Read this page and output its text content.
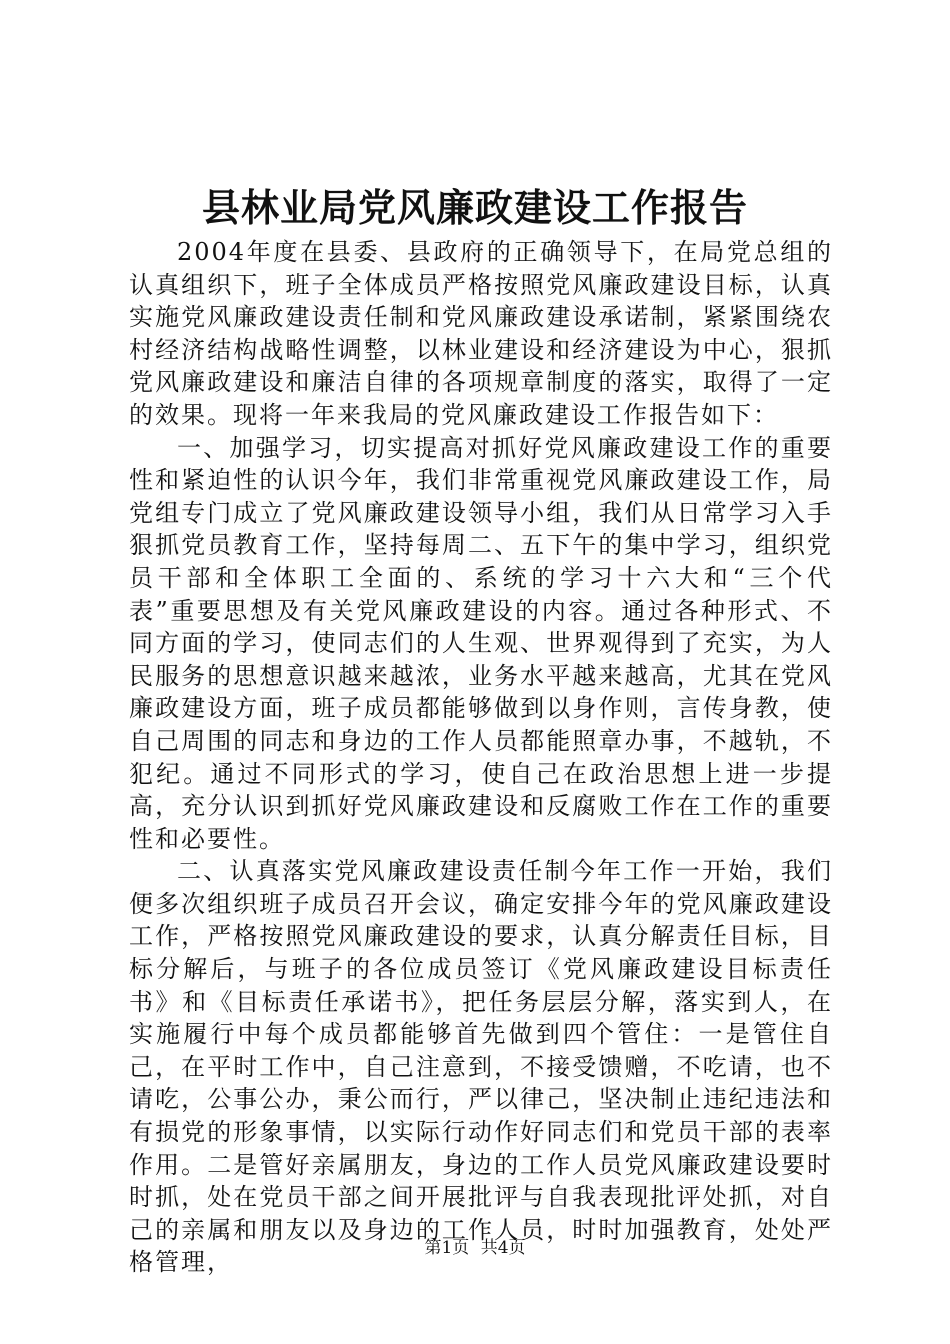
县林业局党风廉政建设工作报告

2004年度在县委、县政府的正确领导下，在局党总组的认真组织下，班子全体成员严格按照党风廉政建设目标，认真实施党风廉政建设责任制和党风廉政建设承诺制，紧紧围绕农村经济结构战略性调整，以林业建设和经济建设为中心，狠抓党风廉政建设和廉洁自律的各项规章制度的落实，取得了一定的效果。现将一年来我局的党风廉政建设工作报告如下：

一、加强学习，切实提高对抓好党风廉政建设工作的重要性和紧迫性的认识今年，我们非常重视党风廉政建设工作，局党组专门成立了党风廉政建设领导小组，我们从日常学习入手狠抓党员教育工作，坚持每周二、五下午的集中学习，组织党员干部和全体职工全面的、系统的学习十六大和“三个代表”重要思想及有关党风廉政建设的内容。通过各种形式、不同方面的学习，使同志们的人生观、世界观得到了充实，为人民服务的思想意识越来越浓，业务水平越来越高，尤其在党风廉政建设方面，班子成员都能够做到以身作则，言传身教，使自己周围的同志和身边的工作人员都能照章办事，不越轨，不犯纪。通过不同形式的学习，使自己在政治思想上进一步提高，充分认识到抓好党风廉政建设和反腐败工作在工作的重要性和必要性。

二、认真落实党风廉政建设责任制今年工作一开始，我们便多次组织班子成员召开会议，确定安排今年的党风廉政建设工作，严格按照党风廉政建设的要求，认真分解责任目标，目标分解后，与班子的各位成员签订《党风廉政建设目标责任书》和《目标责任承诺书》，把任务层层分解，落实到人，在实施履行中每个成员都能够首先做到四个管住：一是管住自己，在平时工作中，自己注意到，不接受馈赠，不吃请，也不请吃，公事公办，秉公而行，严以律己，坚决制止违纪违法和有损党的形象事情，以实际行动作好同志们和党员干部的表率作用。二是管好亲属朋友，身边的工作人员党风廉政建设要时时抓，处在党员干部之间开展批评与自我表现批评处抓，对自己的亲属和朋友以及身边的工作人员，时时加强教育，处处严格管理，

第1页 共4页
